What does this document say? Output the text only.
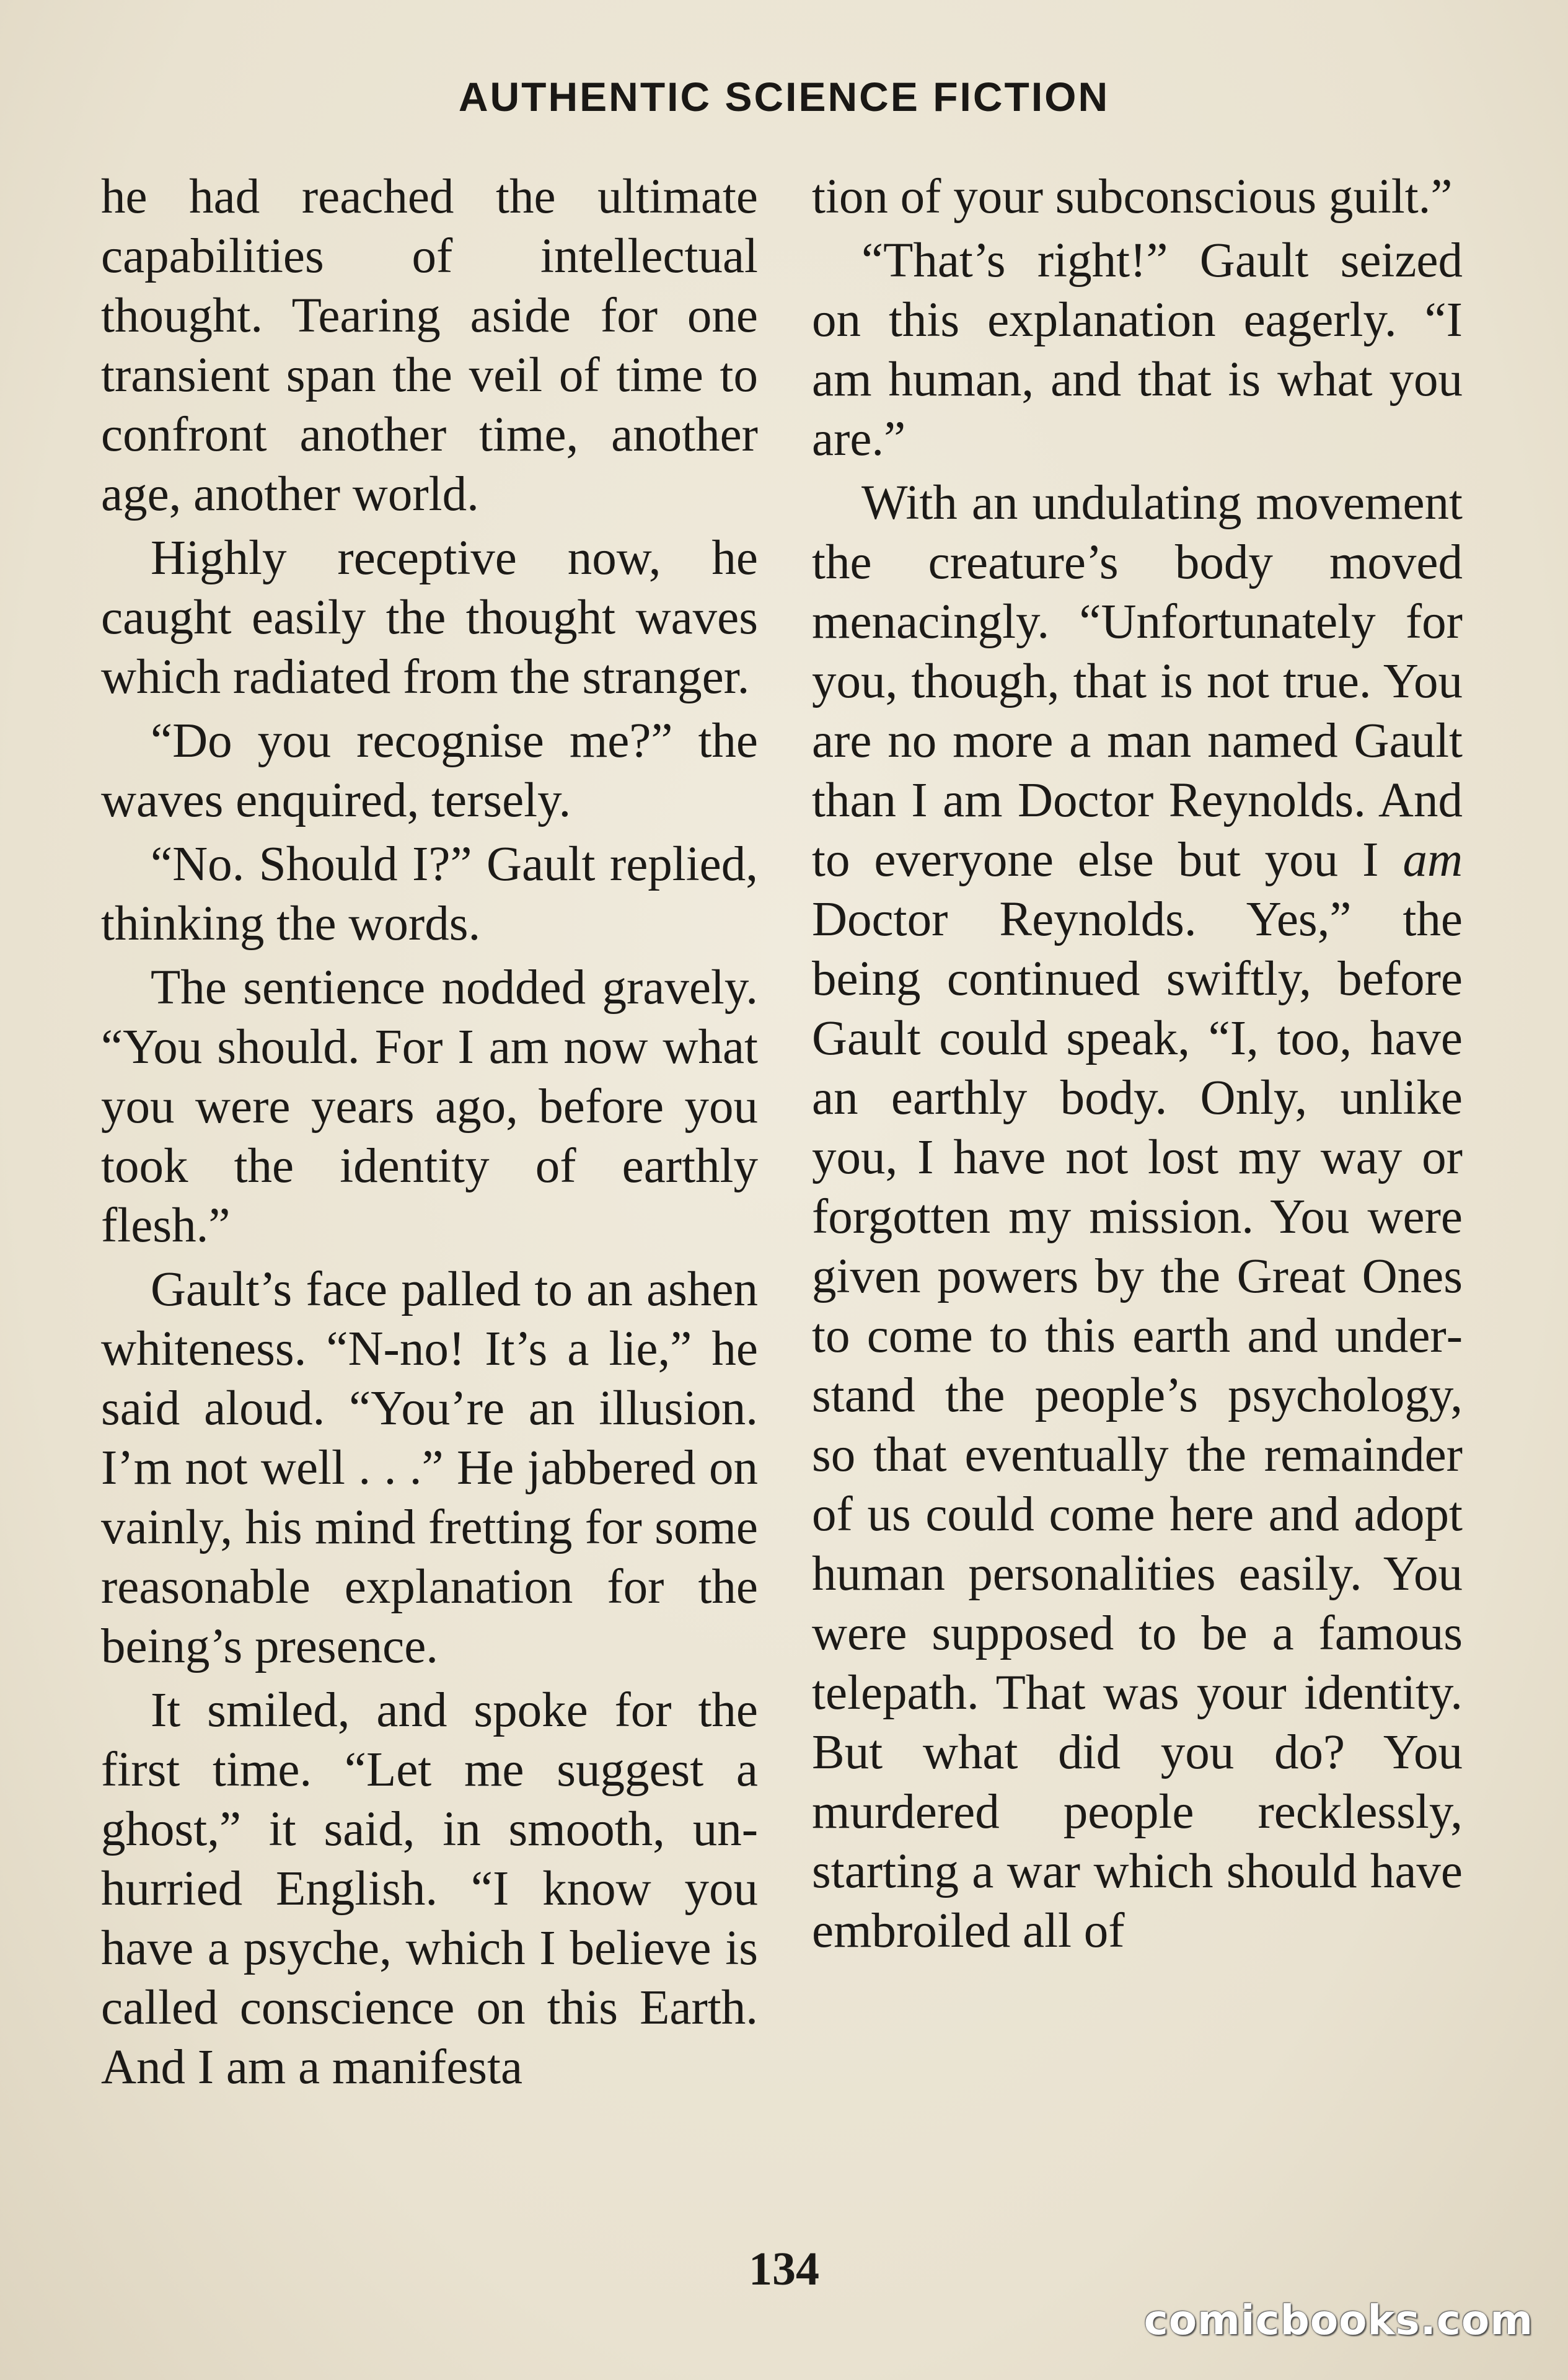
AUTHENTIC SCIENCE FICTION

he had reached the ultimate capabilities of intellectual thought. Tearing aside for one transient span the veil of time to confront another time, another age, another world.

Highly receptive now, he caught easily the thought waves which radiated from the stranger.

“Do you recognise me?” the waves enquired, tersely.

“No. Should I?” Gault replied, thinking the words.

The sentience nodded gravely. “You should. For I am now what you were years ago, before you took the identity of earthly flesh.”

Gault’s face palled to an ashen whiteness. “N-no! It’s a lie,” he said aloud. “You’re an illusion. I’m not well . . .” He jabbered on vainly, his mind fretting for some reasonable explanation for the being’s presence.

It smiled, and spoke for the first time. “Let me suggest a ghost,” it said, in smooth, unhurried English. “I know you have a psyche, which I believe is called conscience on this Earth. And I am a manifesta

tion of your subconscious guilt.”

“That’s right!” Gault seized on this explanation eagerly. “I am human, and that is what you are.”

With an undulating movement the creature’s body moved menacingly. “Unfortunately for you, though, that is not true. You are no more a man named Gault than I am Doctor Reynolds. And to everyone else but you I am Doctor Reynolds. Yes,” the being continued swiftly, before Gault could speak, “I, too, have an earthly body. Only, unlike you, I have not lost my way or forgotten my mission. You were given powers by the Great Ones to come to this earth and understand the people’s psychology, so that eventually the remainder of us could come here and adopt human personalities easily. You were supposed to be a famous telepath. That was your identity. But what did you do? You murdered people recklessly, starting a war which should have embroiled all of

134
comicbooks.com
